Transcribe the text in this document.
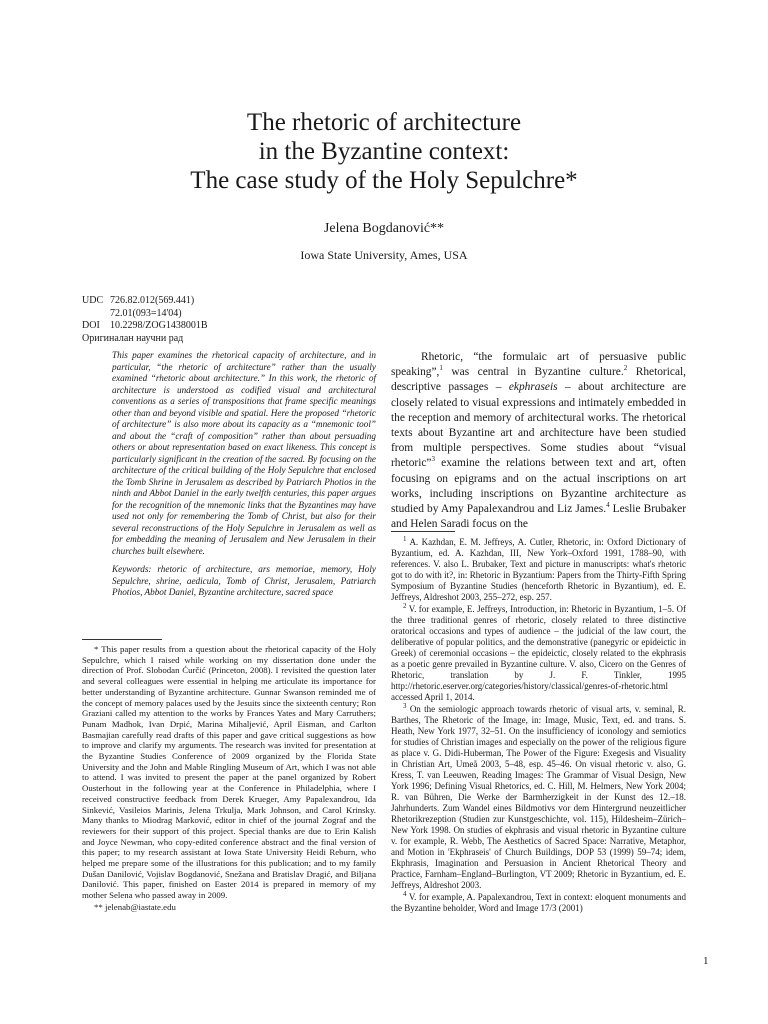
The rhetoric of architecture
in the Byzantine context:
The case study of the Holy Sepulchre*
Jelena Bogdanović**
Iowa State University, Ames, USA
UDC 726.82.012(569.441)
72.01(093=14'04)
DOI 10.2298/ZOG1438001B
Оригиналан научни рад

This paper examines the rhetorical capacity of architecture, and in particular, “the rhetoric of architecture” rather than the usually examined “rhetoric about architecture.” In this work, the rhetoric of architecture is understood as codified visual and architectural conventions as a series of transpositions that frame specific meanings other than and beyond visible and spatial. Here the proposed “rhetoric of architecture” is also more about its capacity as a “mnemonic tool” and about the “craft of composition” rather than about persuading others or about representation based on exact likeness. This concept is particularly significant in the creation of the sacred. By focusing on the architecture of the critical building of the Holy Sepulchre that enclosed the Tomb Shrine in Jerusalem as described by Patriarch Photios in the ninth and Abbot Daniel in the early twelfth centuries, this paper argues for the recognition of the mnemonic links that the Byzantines may have used not only for remembering the Tomb of Christ, but also for their several reconstructions of the Holy Sepulchre in Jerusalem as well as for embedding the meaning of Jerusalem and New Jerusalem in their churches built elsewhere.

Keywords: rhetoric of architecture, ars memoriae, memory, Holy Sepulchre, shrine, aedicula, Tomb of Christ, Jerusalem, Patriarch Photios, Abbot Daniel, Byzantine architecture, sacred space

* This paper results from a question about the rhetorical capacity of the Holy Sepulchre, which I raised while working on my dissertation done under the direction of Prof. Slobodan Ćurčić (Princeton, 2008). I revisited the question later and several colleagues were essential in helping me articulate its importance for better understanding of Byzantine architecture. Gunnar Swanson reminded me of the concept of memory palaces used by the Jesuits since the sixteenth century; Ron Graziani called my attention to the works by Frances Yates and Mary Carruthers; Punam Madhok, Ivan Drpić, Marina Mihaljević, April Eisman, and Carlton Basmajian carefully read drafts of this paper and gave critical suggestions as how to improve and clarify my arguments. The research was invited for presentation at the Byzantine Studies Conference of 2009 organized by the Florida State University and the John and Mable Ringling Museum of Art, which I was not able to attend. I was invited to present the paper at the panel organized by Robert Ousterhout in the following year at the Conference in Philadelphia, where I received constructive feedback from Derek Krueger, Amy Papalexandrou, Ida Sinkević, Vasileios Marinis, Jelena Trkulja, Mark Johnson, and Carol Krinsky. Many thanks to Miodrag Marković, editor in chief of the journal Zograf and the reviewers for their support of this project. Special thanks are due to Erin Kalish and Joyce Newman, who copy-edited conference abstract and the final version of this paper; to my research assistant at Iowa State University Heidi Reburn, who helped me prepare some of the illustrations for this publication; and to my family Dušan Danilović, Vojislav Bogdanović, Snežana and Bratislav Dragić, and Biljana Danilović. This paper, finished on Easter 2014 is prepared in memory of my mother Selena who passed away in 2009.

** jelenab@iastate.edu

Rhetoric, “the formulaic art of persuasive public speaking”,$^1$ was central in Byzantine culture.$^2$ Rhetorical, descriptive passages – ekphraseis – about architecture are closely related to visual expressions and intimately embedded in the reception and memory of architectural works. The rhetorical texts about Byzantine art and architecture have been studied from multiple perspectives. Some studies about “visual rhetoric”$^3$ examine the relations between text and art, often focusing on epigrams and on the actual inscriptions on art works, including inscriptions on Byzantine architecture as studied by Amy Papalexandrou and Liz James.$^4$ Leslie Brubaker and Helen Saradi focus on the

$^1$ A. Kazhdan, E. M. Jeffreys, A. Cutler, Rhetoric, in: Oxford Dictionary of Byzantium, ed. A. Kazhdan, III, New York–Oxford 1991, 1788–90, with references. V. also L. Brubaker, Text and picture in manuscripts: what's rhetoric got to do with it?, in: Rhetoric in Byzantium: Papers from the Thirty-Fifth Spring Symposium of Byzantine Studies (henceforth Rhetoric in Byzantium), ed. E. Jeffreys, Aldreshot 2003, 255–272, esp. 257.

$^2$ V. for example, E. Jeffreys, Introduction, in: Rhetoric in Byzantium, 1–5. Of the three traditional genres of rhetoric, closely related to three distinctive oratorical occasions and types of audience – the judicial of the law court, the deliberative of popular politics, and the demonstrative (panegyric or epideictic in Greek) of ceremonial occasions – the epideictic, closely related to the ekphrasis as a poetic genre prevailed in Byzantine culture. V. also, Cicero on the Genres of Rhetoric, translation by J. F. Tinkler, 1995 http://rhetoric.eserver.org/categories/history/classical/genres-of-rhetoric.html accessed April 1, 2014.

$^3$ On the semiologic approach towards rhetoric of visual arts, v. seminal, R. Barthes, The Rhetoric of the Image, in: Image, Music, Text, ed. and trans. S. Heath, New York 1977, 32–51. On the insufficiency of iconology and semiotics for studies of Christian images and especially on the power of the religious figure as place v. G. Didi-Huberman, The Power of the Figure: Exegesis and Visuality in Christian Art, Umeå 2003, 5–48, esp. 45–46. On visual rhetoric v. also, G. Kress, T. van Leeuwen, Reading Images: The Grammar of Visual Design, New York 1996; Defining Visual Rhetorics, ed. C. Hill, M. Helmers, New York 2004; R. van Bühren, Die Werke der Barmherzigkeit in der Kunst des 12.–18. Jahrhunderts. Zum Wandel eines Bildmotivs vor dem Hintergrund neuzeitlicher Rhetorikrezeption (Studien zur Kunstgeschichte, vol. 115), Hildesheim–Zürich–New York 1998. On studies of ekphrasis and visual rhetoric in Byzantine culture v. for example, R. Webb, The Aesthetics of Sacred Space: Narrative, Metaphor, and Motion in 'Ekphraseis' of Church Buildings, DOP 53 (1999) 59–74; idem, Ekphrasis, Imagination and Persuasion in Ancient Rhetorical Theory and Practice, Farnham–England–Burlington, VT 2009; Rhetoric in Byzantium, ed. E. Jeffreys, Aldreshot 2003.

$^4$ V. for example, A. Papalexandrou, Text in context: eloquent monuments and the Byzantine beholder, Word and Image 17/3 (2001)

1
